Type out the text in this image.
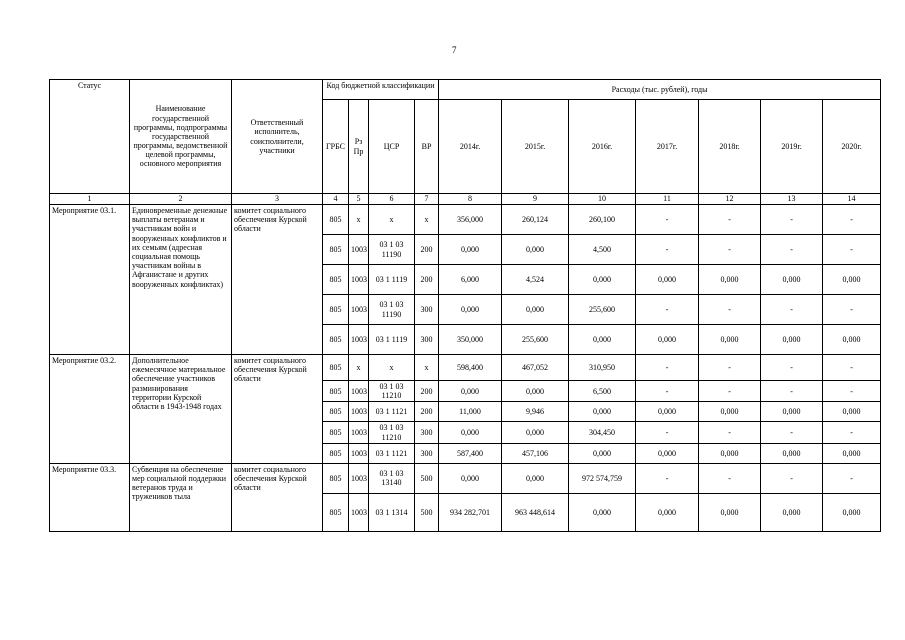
7
Статус	Наименование государственной программы, подпрограммы государственной программы, ведомственной целевой программы, основного мероприятия	Ответственный исполнитель, соисполнители, участники	Код бюджетной классификации				Расходы (тыс. рублей), годы						
			ГРБС	Рз Пр	ЦСР	ВР	2014г.	2015г.	2016г.	2017г.	2018г.	2019г.	2020г.
1	2	3	4	5	6	7	8	9	10	11	12	13	14
Мероприятие 03.1.	Единовременные денежные выплаты ветеранам и участникам войн и вооруженных конфликтов и их семьям (адресная социальная помощь участникам войны в Афганистане и других вооруженных конфликтах)	комитет социального обеспечения Курской области	805	x	x	x	356,000	260,124	260,100	-	-	-	-
			805	1003	03 1 03 11190	200	0,000	0,000	4,500	-	-	-	-
			805	1003	03 1 1119	200	6,000	4,524	0,000	0,000	0,000	0,000	0,000
			805	1003	03 1 03 11190	300	0,000	0,000	255,600	-	-	-	-
			805	1003	03 1 1119	300	350,000	255,600	0,000	0,000	0,000	0,000	0,000
Мероприятие 03.2.	Дополнительное ежемесячное материальное обеспечение участников разминирования территории Курской области в 1943-1948 годах	комитет социального обеспечения Курской области	805	x	x	x	598,400	467,052	310,950	-	-	-	-
			805	1003	03 1 03 11210	200	0,000	0,000	6,500	-	-	-	-
			805	1003	03 1 1121	200	11,000	9,946	0,000	0,000	0,000	0,000	0,000
			805	1003	03 1 03 11210	300	0,000	0,000	304,450	-	-	-	-
			805	1003	03 1 1121	300	587,400	457,106	0,000	0,000	0,000	0,000	0,000
Мероприятие 03.3.	Субвенция на обеспечение мер социальной поддержки ветеранов труда и тружеников тыла	комитет социального обеспечения Курской области	805	1003	03 1 03 13140	500	0,000	0,000	972 574,759	-	-	-	-
			805	1003	03 1 1314	500	934 282,701	963 448,614	0,000	0,000	0,000	0,000	0,000
